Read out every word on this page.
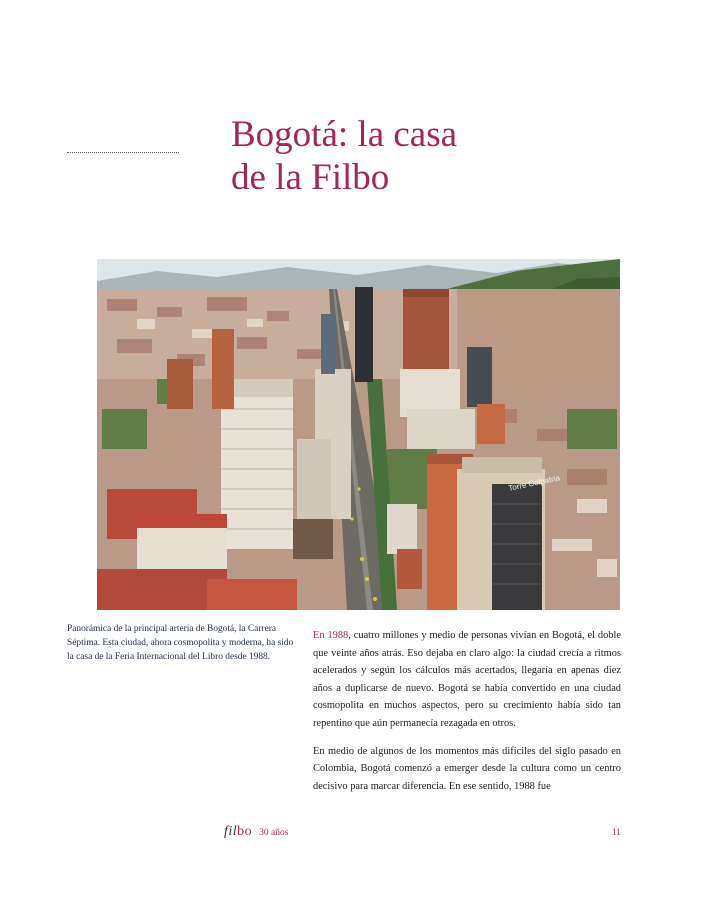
Bogotá: la casa
de la Filbo
Torre Colpatria

Panorámica de la principal arteria de Bogotá, la Carrera Séptima. Esta ciudad, ahora cosmopolita y moderna, ha sido la casa de la Feria Internacional del Libro desde 1988.

En 1988, cuatro millones y medio de personas vivían en Bogotá, el doble que veinte años atrás. Eso dejaba en claro algo: la ciudad crecía a ritmos acelerados y según los cálculos más acertados, llegaría en apenas diez años a duplicarse de nuevo. Bogotá se había convertido en una ciudad cosmopolita en muchos aspectos, pero su crecimiento había sido tan repentino que aún permanecía rezagada en otros.

En medio de algunos de los momentos más difíciles del siglo pasado en Colombia, Bogotá comenzó a emerger desde la cultura como un centro decisivo para marcar diferencia. En ese sentido, 1988 fue

filbo 30 años	11
